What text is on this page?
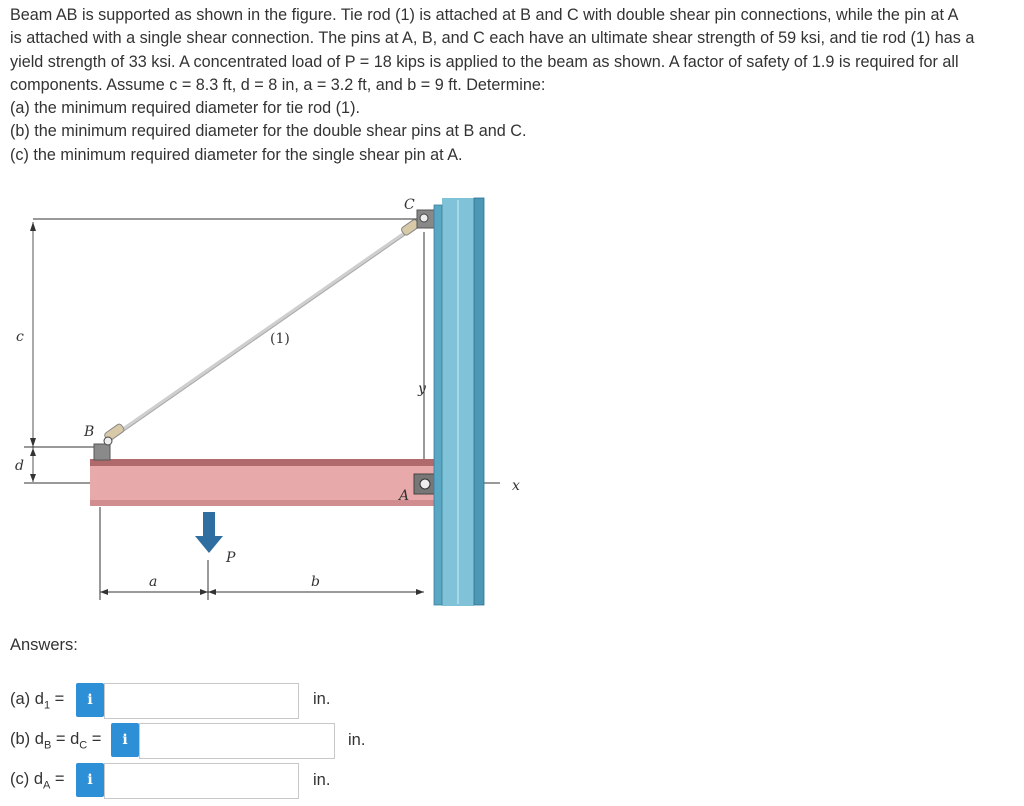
Beam AB is supported as shown in the figure. Tie rod (1) is attached at B and C with double shear pin connections, while the pin at A

is attached with a single shear connection. The pins at A, B, and C each have an ultimate shear strength of 59 ksi, and tie rod (1) has a

yield strength of 33 ksi. A concentrated load of P = 18 kips is applied to the beam as shown. A factor of safety of 1.9 is required for all

components. Assume c = 8.3 ft, d = 8 in, a = 3.2 ft, and b = 9 ft. Determine:

(a) the minimum required diameter for tie rod (1).

(b) the minimum required diameter for the double shear pins at B and C.

(c) the minimum required diameter for the single shear pin at A.

c
d
x
y
(1)
C
B
A
P
a	b
Answers:
(a) $d_1$ =	i	in.
(b) $d_B = d_C$ =	i	in.
(c) $d_A$ =	i	in.
